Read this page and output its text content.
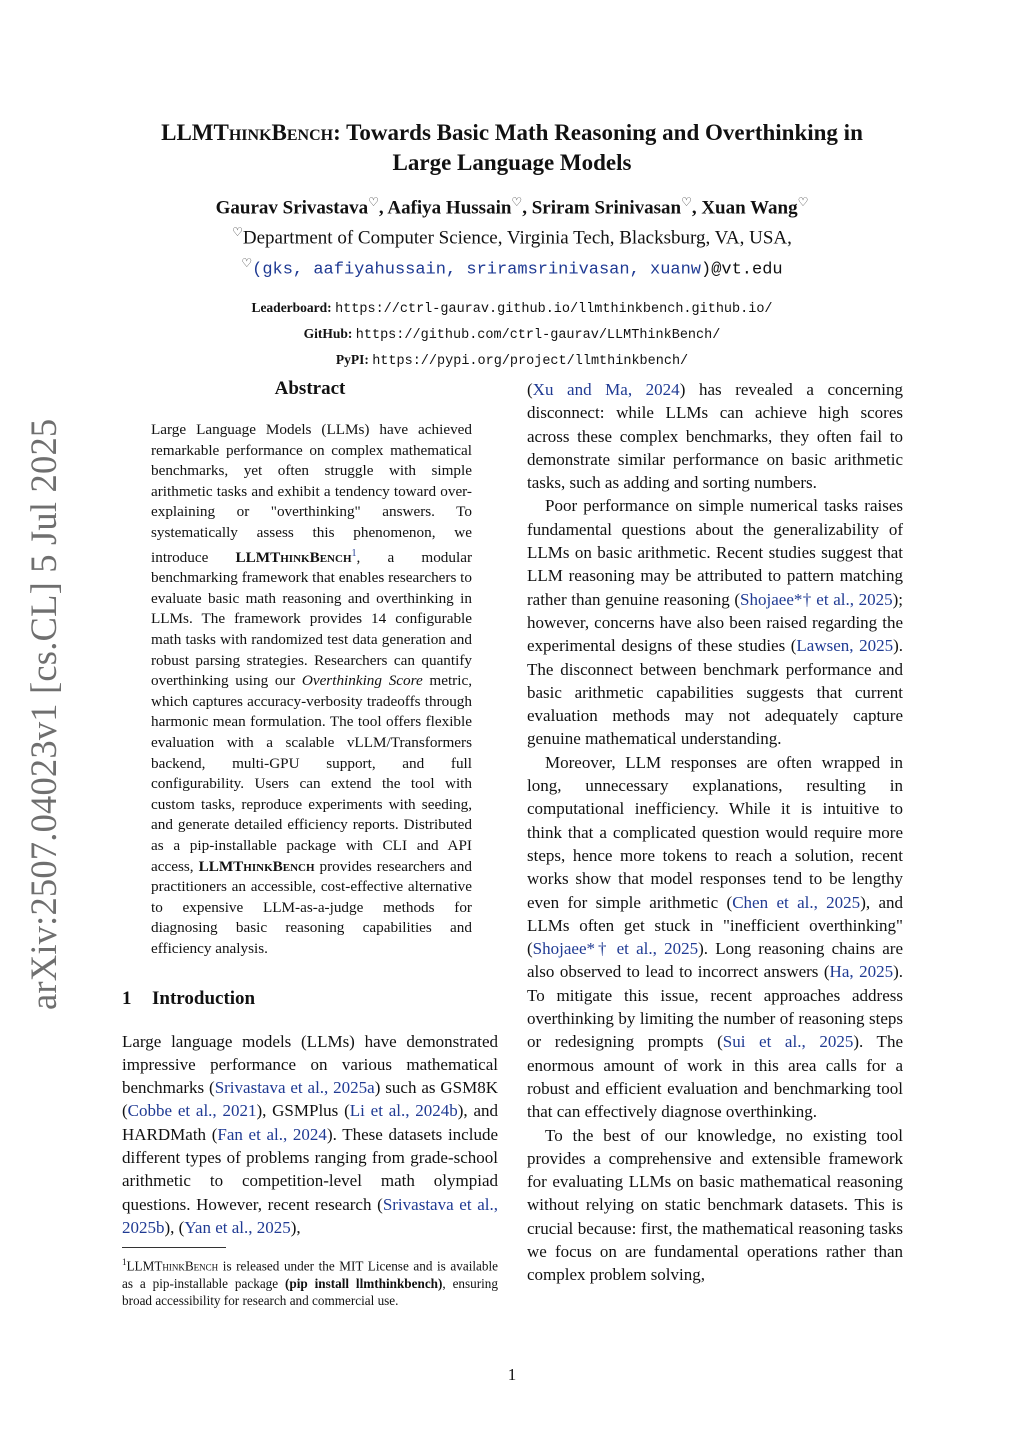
arXiv:2507.04023v1 [cs.CL] 5 Jul 2025
LLMThinkBench: Towards Basic Math Reasoning and Overthinking in
Large Language Models
Gaurav Srivastava♡, Aafiya Hussain♡, Sriram Srinivasan♡, Xuan Wang♡
♡Department of Computer Science, Virginia Tech, Blacksburg, VA, USA,
♡(gks, aafiyahussain, sriramsrinivasan, xuanw)@vt.edu
Leaderboard: https://ctrl-gaurav.github.io/llmthinkbench.github.io/
GitHub: https://github.com/ctrl-gaurav/LLMThinkBench/
PyPI: https://pypi.org/project/llmthinkbench/
Abstract
Large Language Models (LLMs) have achieved remarkable performance on complex mathematical benchmarks, yet often struggle with simple arithmetic tasks and exhibit a tendency toward over-explaining or "overthinking" answers. To systematically assess this phenomenon, we introduce LLMThinkBench$^1$, a modular benchmarking framework that enables researchers to evaluate basic math reasoning and overthinking in LLMs. The framework provides 14 configurable math tasks with randomized test data generation and robust parsing strategies. Researchers can quantify overthinking using our Overthinking Score metric, which captures accuracy-verbosity tradeoffs through harmonic mean formulation. The tool offers flexible evaluation with a scalable vLLM/Transformers backend, multi-GPU support, and full configurability. Users can extend the tool with custom tasks, reproduce experiments with seeding, and generate detailed efficiency reports. Distributed as a pip-installable package with CLI and API access, LLMThinkBench provides researchers and practitioners an accessible, cost-effective alternative to expensive LLM-as-a-judge methods for diagnosing basic reasoning capabilities and efficiency analysis.
1 Introduction

Large language models (LLMs) have demonstrated impressive performance on various mathematical benchmarks (Srivastava et al., 2025a) such as GSM8K (Cobbe et al., 2021), GSMPlus (Li et al., 2024b), and HARDMath (Fan et al., 2024). These datasets include different types of problems ranging from grade-school arithmetic to competition-level math olympiad questions. However, recent research (Srivastava et al., 2025b), (Yan et al., 2025),

$^1$LLMThinkBench is released under the MIT License and is available as a pip-installable package (pip install llmthinkbench), ensuring broad accessibility for research and commercial use.

(Xu and Ma, 2024) has revealed a concerning disconnect: while LLMs can achieve high scores across these complex benchmarks, they often fail to demonstrate similar performance on basic arithmetic tasks, such as adding and sorting numbers.

Poor performance on simple numerical tasks raises fundamental questions about the generalizability of LLMs on basic arithmetic. Recent studies suggest that LLM reasoning may be attributed to pattern matching rather than genuine reasoning (Shojaee*† et al., 2025); however, concerns have also been raised regarding the experimental designs of these studies (Lawsen, 2025). The disconnect between benchmark performance and basic arithmetic capabilities suggests that current evaluation methods may not adequately capture genuine mathematical understanding.

Moreover, LLM responses are often wrapped in long, unnecessary explanations, resulting in computational inefficiency. While it is intuitive to think that a complicated question would require more steps, hence more tokens to reach a solution, recent works show that model responses tend to be lengthy even for simple arithmetic (Chen et al., 2025), and LLMs often get stuck in "inefficient overthinking" (Shojaee*† et al., 2025). Long reasoning chains are also observed to lead to incorrect answers (Ha, 2025). To mitigate this issue, recent approaches address overthinking by limiting the number of reasoning steps or redesigning prompts (Sui et al., 2025). The enormous amount of work in this area calls for a robust and efficient evaluation and benchmarking tool that can effectively diagnose overthinking.

To the best of our knowledge, no existing tool provides a comprehensive and extensible framework for evaluating LLMs on basic mathematical reasoning without relying on static benchmark datasets. This is crucial because: first, the mathematical reasoning tasks we focus on are fundamental operations rather than complex problem solving,

1
